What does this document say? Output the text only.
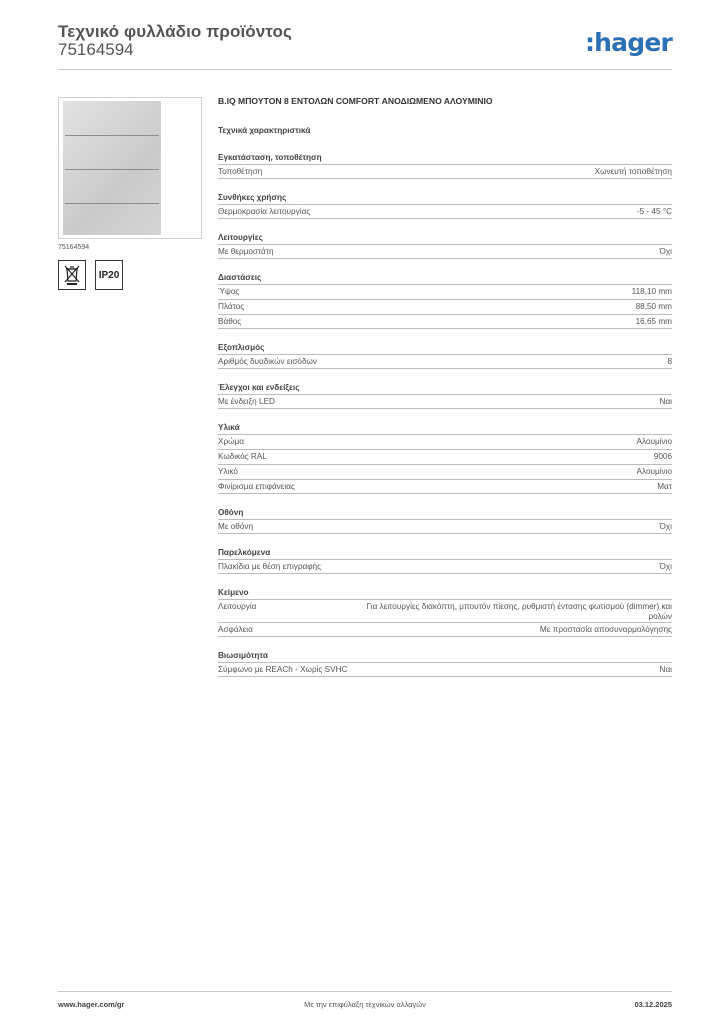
Τεχνικό φυλλάδιο προϊόντος
75164594	:hager
75164594
IP20
B.IQ ΜΠΟΥΤΟΝ 8 ΕΝΤΟΛΩΝ COMFORT ΑΝΟΔΙΩΜΕΝΟ ΑΛΟΥΜΙΝΙΟ
Τεχνικά χαρακτηριστικά
Εγκατάσταση, τοποθέτηση
Τοποθέτηση	Χωνευτή τοποθέτηση
Συνθήκες χρήσης
Θερμοκρασία λειτουργίας	-5 - 45 °C
Λειτουργίες
Με θερμοστάτη	Όχι
Διαστάσεις
Ύψος	118,10 mm
Πλάτος	88,50 mm
Βάθος	16,65 mm
Εξοπλισμός
Αριθμός δυαδικών εισόδων	8
Έλεγχοι και ενδείξεις
Με ένδειξη LED	Ναι
Υλικά
Χρώμα	Αλουμίνιο
Κωδικός RAL	9006
Υλικό	Αλουμίνιο
Φινίρισμα επιφάνειας	Ματ
Οθόνη
Με οθόνη	Όχι
Παρελκόμενα
Πλακίδια με θέση επιγραφής	Όχι
Κείμενο
Λειτουργία	Για λειτουργίες διακόπτη, μπουτόν πίεσης, ρυθμιστή έντασης φωτισμού (dimmer) και ρολών
Ασφάλεια	Με προστασία αποσυναρμολόγησης
Βιωσιμότητα
Σύμφωνο με REACh - Χωρίς SVHC	Ναι
www.hager.com/gr	Με την επιφύλαξη τεχνικών αλλαγών	03.12.2025
